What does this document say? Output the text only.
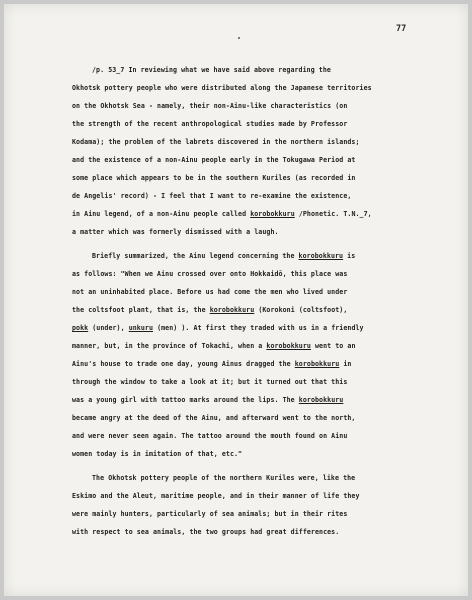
77
/p. 53_7 In reviewing what we have said above regarding the
Okhotsk pottery people who were distributed along the Japanese territories
on the Okhotsk Sea - namely, their non-Ainu-like characteristics (on
the strength of the recent anthropological studies made by Professor
Kodama); the problem of the labrets discovered in the northern islands;
and the existence of a non-Ainu people early in the Tokugawa Period at
some place which appears to be in the southern Kuriles (as recorded in
de Angelis' record) - I feel that I want to re-examine the existence,
in Ainu legend, of a non-Ainu people called korobokkuru /Phonetic. T.N._7,
a matter which was formerly dismissed with a laugh.
Briefly summarized, the Ainu legend concerning the korobokkuru is
as follows: "When we Ainu crossed over onto Hokkaidō, this place was
not an uninhabited place. Before us had come the men who lived under
the coltsfoot plant, that is, the korobokkuru (Korokoni (coltsfoot),
pokk (under), unkuru (men) ). At first they traded with us in a friendly
manner, but, in the province of Tokachi, when a korobokkuru went to an
Ainu's house to trade one day, young Ainus dragged the korobokkuru in
through the window to take a look at it; but it turned out that this
was a young girl with tattoo marks around the lips. The korobokkuru
became angry at the deed of the Ainu, and afterward went to the north,
and were never seen again. The tattoo around the mouth found on Ainu
women today is in imitation of that, etc."
The Okhotsk pottery people of the northern Kuriles were, like the
Eskimo and the Aleut, maritime people, and in their manner of life they
were mainly hunters, particularly of sea animals; but in their rites
with respect to sea animals, the two groups had great differences.
